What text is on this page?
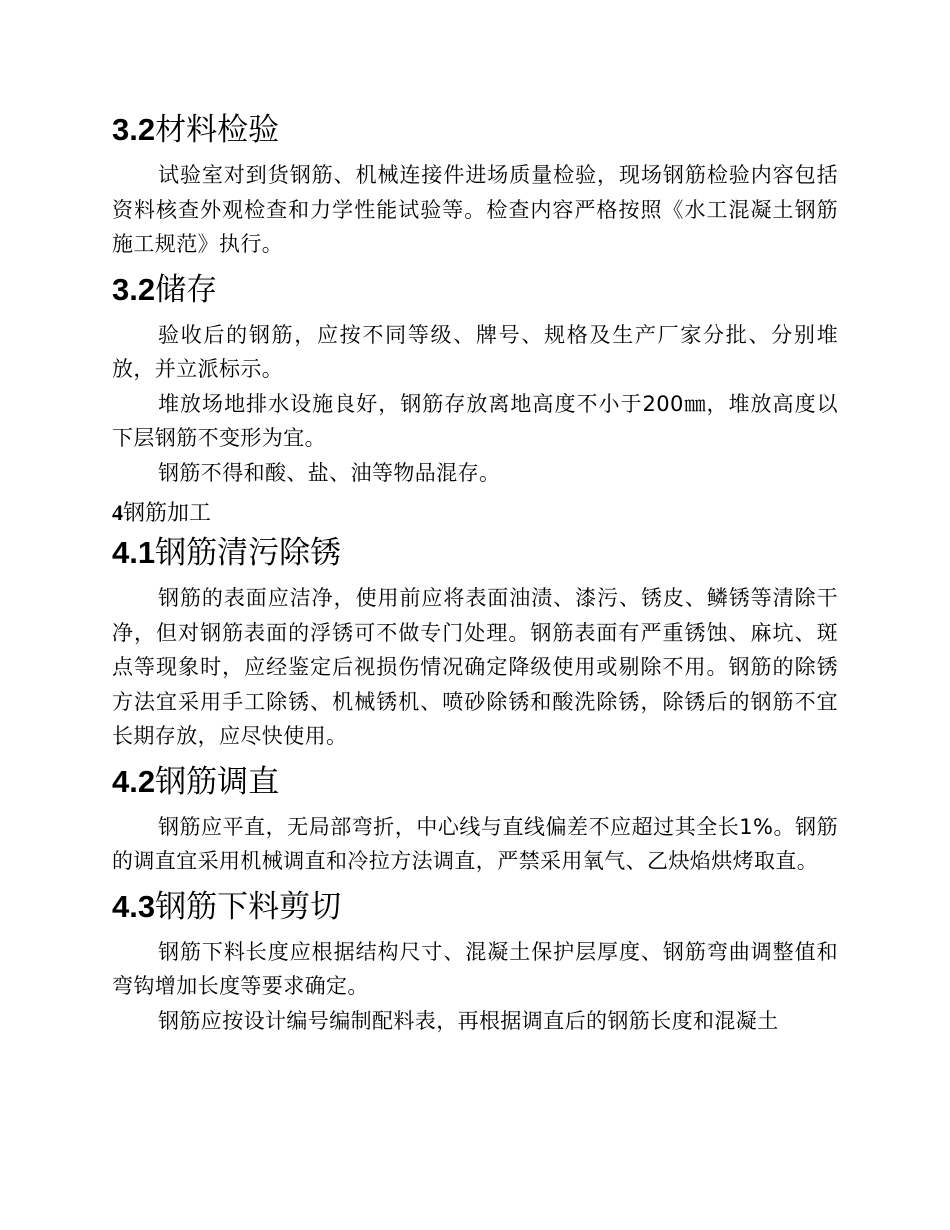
3.2材料检验

试验室对到货钢筋、机械连接件进场质量检验，现场钢筋检验内容包括资料核查外观检查和力学性能试验等。检查内容严格按照《水工混凝土钢筋施工规范》执行。

3.2储存

验收后的钢筋，应按不同等级、牌号、规格及生产厂家分批、分别堆放，并立派标示。

堆放场地排水设施良好，钢筋存放离地高度不小于200㎜，堆放高度以下层钢筋不变形为宜。

钢筋不得和酸、盐、油等物品混存。

4钢筋加工
4.1钢筋清污除锈

钢筋的表面应洁净，使用前应将表面油渍、漆污、锈皮、鳞锈等清除干净，但对钢筋表面的浮锈可不做专门处理。钢筋表面有严重锈蚀、麻坑、斑点等现象时，应经鉴定后视损伤情况确定降级使用或剔除不用。钢筋的除锈方法宜采用手工除锈、机械锈机、喷砂除锈和酸洗除锈，除锈后的钢筋不宜长期存放，应尽快使用。

4.2钢筋调直

钢筋应平直，无局部弯折，中心线与直线偏差不应超过其全长1%。钢筋的调直宜采用机械调直和冷拉方法调直，严禁采用氧气、乙炔焰烘烤取直。

4.3钢筋下料剪切

钢筋下料长度应根据结构尺寸、混凝土保护层厚度、钢筋弯曲调整值和弯钩增加长度等要求确定。

钢筋应按设计编号编制配料表，再根据调直后的钢筋长度和混凝土
